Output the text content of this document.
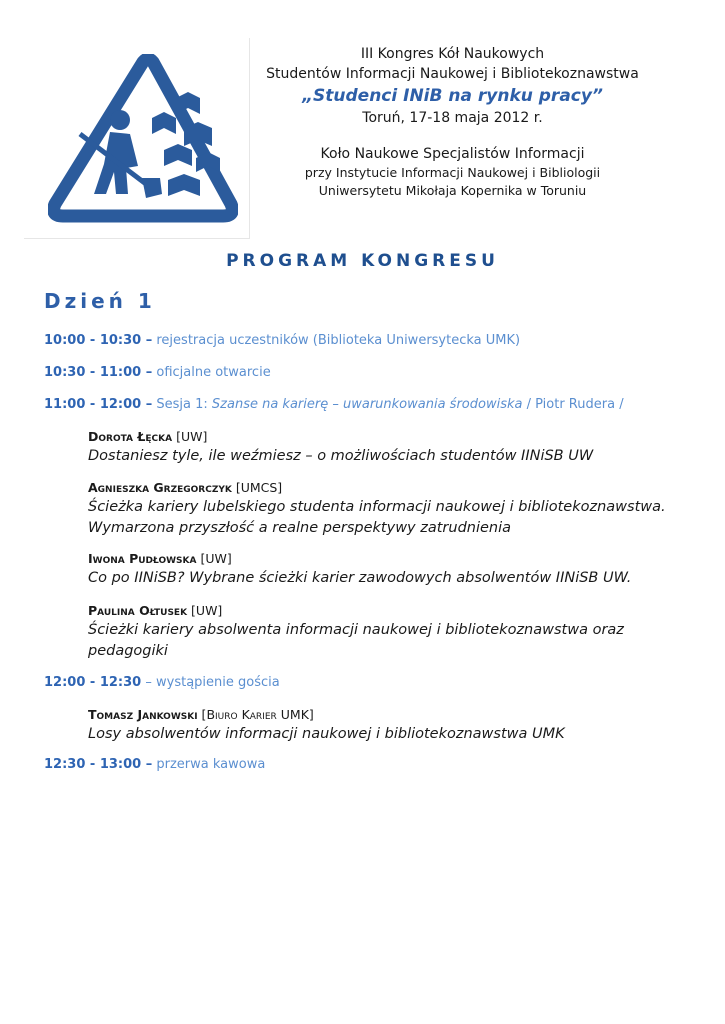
III Kongres Kół Naukowych
Studentów Informacji Naukowej i Bibliotekoznawstwa
„Studenci INiB na rynku pracy”
Toruń, 17-18 maja 2012 r.
Koło Naukowe Specjalistów Informacji
przy Instytucie Informacji Naukowej i Bibliologii
Uniwersytetu Mikołaja Kopernika w Toruniu
PROGRAM KONGRESU
Dzień 1
10:00 - 10:30 – rejestracja uczestników (Biblioteka Uniwersytecka UMK)
10:30 - 11:00 – oficjalne otwarcie
11:00 - 12:00 – Sesja 1: Szanse na karierę – uwarunkowania środowiska / Piotr Rudera /
Dorota Łęcka [UW]
Dostaniesz tyle, ile weźmiesz – o możliwościach studentów IINiSB UW
Agnieszka Grzegorczyk [UMCS]
Ścieżka kariery lubelskiego studenta informacji naukowej i bibliotekoznawstwa.
Wymarzona przyszłość a realne perspektywy zatrudnienia
Iwona Pudłowska [UW]
Co po IINiSB? Wybrane ścieżki karier zawodowych absolwentów IINiSB UW.
Paulina Ołtusek [UW]
Ścieżki kariery absolwenta informacji naukowej i bibliotekoznawstwa oraz
pedagogiki
12:00 - 12:30 – wystąpienie gościa
Tomasz Jankowski [Biuro Karier UMK]
Losy absolwentów informacji naukowej i bibliotekoznawstwa UMK
12:30 - 13:00 – przerwa kawowa
